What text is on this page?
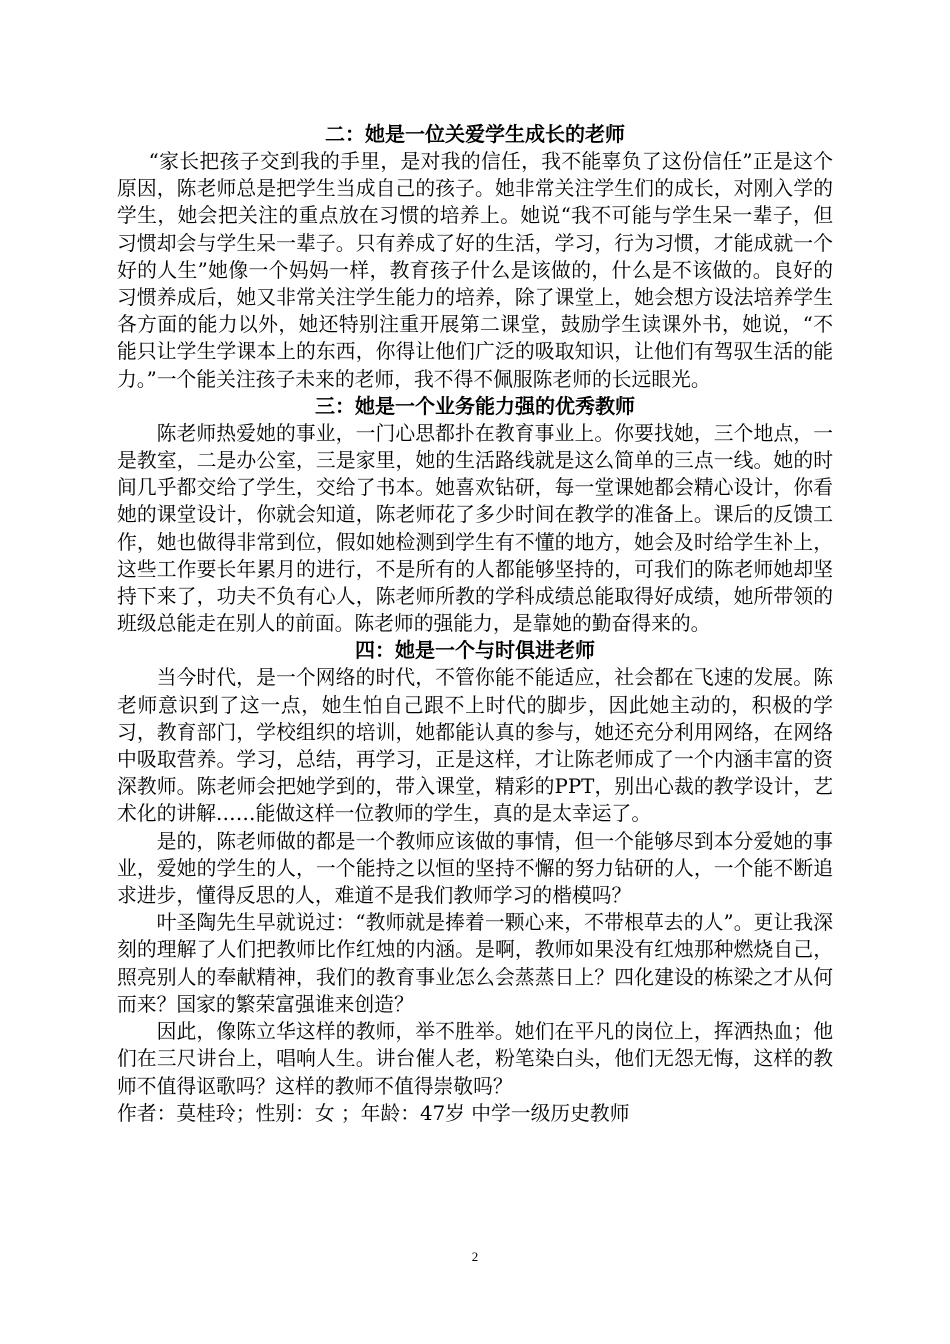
二：她是一位关爱学生成长的老师

“家长把孩子交到我的手里，是对我的信任，我不能辜负了这份信任”正是这个原因，陈老师总是把学生当成自己的孩子。她非常关注学生们的成长，对刚入学的学生，她会把关注的重点放在习惯的培养上。她说“我不可能与学生呆一辈子，但习惯却会与学生呆一辈子。只有养成了好的生活，学习，行为习惯，才能成就一个好的人生”她像一个妈妈一样，教育孩子什么是该做的，什么是不该做的。良好的习惯养成后，她又非常关注学生能力的培养，除了课堂上，她会想方设法培养学生各方面的能力以外，她还特别注重开展第二课堂，鼓励学生读课外书，她说，“不能只让学生学课本上的东西，你得让他们广泛的吸取知识，让他们有驾驭生活的能力。”一个能关注孩子未来的老师，我不得不佩服陈老师的长远眼光。

三：她是一个业务能力强的优秀教师

陈老师热爱她的事业，一门心思都扑在教育事业上。你要找她，三个地点，一是教室，二是办公室，三是家里，她的生活路线就是这么简单的三点一线。她的时间几乎都交给了学生，交给了书本。她喜欢钻研，每一堂课她都会精心设计，你看她的课堂设计，你就会知道，陈老师花了多少时间在教学的准备上。课后的反馈工作，她也做得非常到位，假如她检测到学生有不懂的地方，她会及时给学生补上，这些工作要长年累月的进行，不是所有的人都能够坚持的，可我们的陈老师她却坚持下来了，功夫不负有心人，陈老师所教的学科成绩总能取得好成绩，她所带领的班级总能走在别人的前面。陈老师的强能力，是靠她的勤奋得来的。

四：她是一个与时俱进老师

当今时代，是一个网络的时代，不管你能不能适应，社会都在飞速的发展。陈老师意识到了这一点，她生怕自己跟不上时代的脚步，因此她主动的，积极的学习，教育部门，学校组织的培训，她都能认真的参与，她还充分利用网络，在网络中吸取营养。学习，总结，再学习，正是这样，才让陈老师成了一个内涵丰富的资深教师。陈老师会把她学到的，带入课堂，精彩的PPT，别出心裁的教学设计，艺术化的讲解……能做这样一位教师的学生，真的是太幸运了。

是的，陈老师做的都是一个教师应该做的事情，但一个能够尽到本分爱她的事业，爱她的学生的人，一个能持之以恒的坚持不懈的努力钻研的人，一个能不断追求进步，懂得反思的人，难道不是我们教师学习的楷模吗？

叶圣陶先生早就说过：“教师就是捧着一颗心来，不带根草去的人”。更让我深刻的理解了人们把教师比作红烛的内涵。是啊，教师如果没有红烛那种燃烧自己，照亮别人的奉献精神，我们的教育事业怎么会蒸蒸日上？四化建设的栋梁之才从何而来？国家的繁荣富强谁来创造？

因此，像陈立华这样的教师，举不胜举。她们在平凡的岗位上，挥洒热血；他们在三尺讲台上，唱响人生。讲台催人老，粉笔染白头，他们无怨无悔，这样的教师不值得讴歌吗？这样的教师不值得崇敬吗？

作者：莫桂玲；性别：女 ；年龄：47岁 中学一级历史教师

2
